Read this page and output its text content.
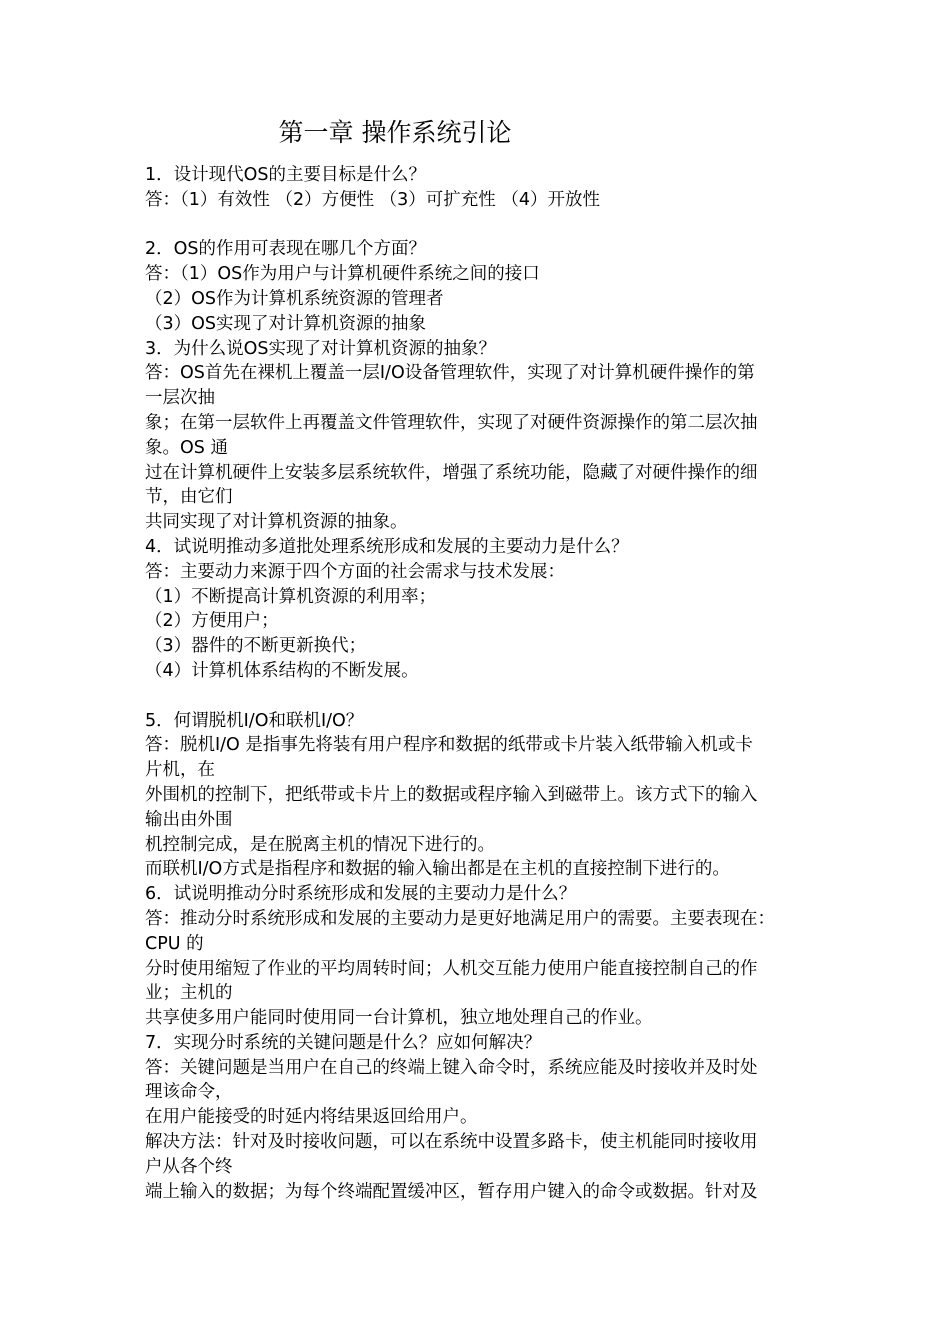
第一章 操作系统引论
1．设计现代OS的主要目标是什么？
答：（1）有效性 （2）方便性 （3）可扩充性 （4）开放性
2．OS的作用可表现在哪几个方面？
答：（1）OS作为用户与计算机硬件系统之间的接口
（2）OS作为计算机系统资源的管理者
（3）OS实现了对计算机资源的抽象
3．为什么说OS实现了对计算机资源的抽象？
答：OS首先在裸机上覆盖一层I/O设备管理软件，实现了对计算机硬件操作的第
一层次抽
象；在第一层软件上再覆盖文件管理软件，实现了对硬件资源操作的第二层次抽
象。OS 通
过在计算机硬件上安装多层系统软件，增强了系统功能，隐藏了对硬件操作的细
节，由它们
共同实现了对计算机资源的抽象。
4．试说明推动多道批处理系统形成和发展的主要动力是什么？
答：主要动力来源于四个方面的社会需求与技术发展：
（1）不断提高计算机资源的利用率；
（2）方便用户；
（3）器件的不断更新换代；
（4）计算机体系结构的不断发展。
5．何谓脱机I/O和联机I/O？
答：脱机I/O 是指事先将装有用户程序和数据的纸带或卡片装入纸带输入机或卡
片机，在
外围机的控制下，把纸带或卡片上的数据或程序输入到磁带上。该方式下的输入
输出由外围
机控制完成，是在脱离主机的情况下进行的。
而联机I/O方式是指程序和数据的输入输出都是在主机的直接控制下进行的。
6．试说明推动分时系统形成和发展的主要动力是什么？
答：推动分时系统形成和发展的主要动力是更好地满足用户的需要。主要表现在：
CPU 的
分时使用缩短了作业的平均周转时间；人机交互能力使用户能直接控制自己的作
业；主机的
共享使多用户能同时使用同一台计算机，独立地处理自己的作业。
7．实现分时系统的关键问题是什么？应如何解决？
答：关键问题是当用户在自己的终端上键入命令时，系统应能及时接收并及时处
理该命令，
在用户能接受的时延内将结果返回给用户。
解决方法：针对及时接收问题，可以在系统中设置多路卡，使主机能同时接收用
户从各个终
端上输入的数据；为每个终端配置缓冲区，暂存用户键入的命令或数据。针对及
